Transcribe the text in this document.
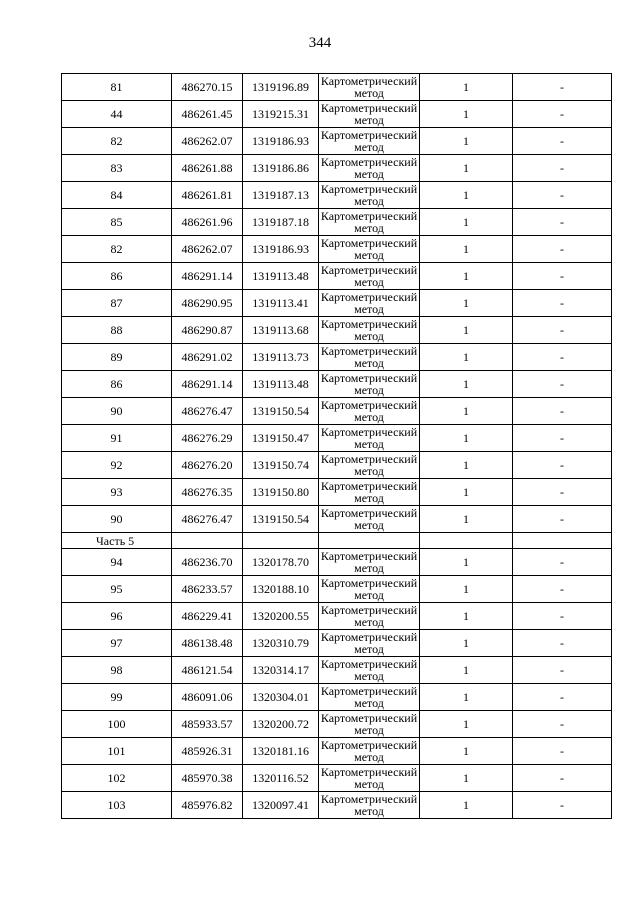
344
81	486270.15	1319196.89	Картометрический метод	1	-
44	486261.45	1319215.31	Картометрический метод	1	-
82	486262.07	1319186.93	Картометрический метод	1	-
83	486261.88	1319186.86	Картометрический метод	1	-
84	486261.81	1319187.13	Картометрический метод	1	-
85	486261.96	1319187.18	Картометрический метод	1	-
82	486262.07	1319186.93	Картометрический метод	1	-
86	486291.14	1319113.48	Картометрический метод	1	-
87	486290.95	1319113.41	Картометрический метод	1	-
88	486290.87	1319113.68	Картометрический метод	1	-
89	486291.02	1319113.73	Картометрический метод	1	-
86	486291.14	1319113.48	Картометрический метод	1	-
90	486276.47	1319150.54	Картометрический метод	1	-
91	486276.29	1319150.47	Картометрический метод	1	-
92	486276.20	1319150.74	Картометрический метод	1	-
93	486276.35	1319150.80	Картометрический метод	1	-
90	486276.47	1319150.54	Картометрический метод	1	-
Часть 5					
94	486236.70	1320178.70	Картометрический метод	1	-
95	486233.57	1320188.10	Картометрический метод	1	-
96	486229.41	1320200.55	Картометрический метод	1	-
97	486138.48	1320310.79	Картометрический метод	1	-
98	486121.54	1320314.17	Картометрический метод	1	-
99	486091.06	1320304.01	Картометрический метод	1	-
100	485933.57	1320200.72	Картометрический метод	1	-
101	485926.31	1320181.16	Картометрический метод	1	-
102	485970.38	1320116.52	Картометрический метод	1	-
103	485976.82	1320097.41	Картометрический метод	1	-
